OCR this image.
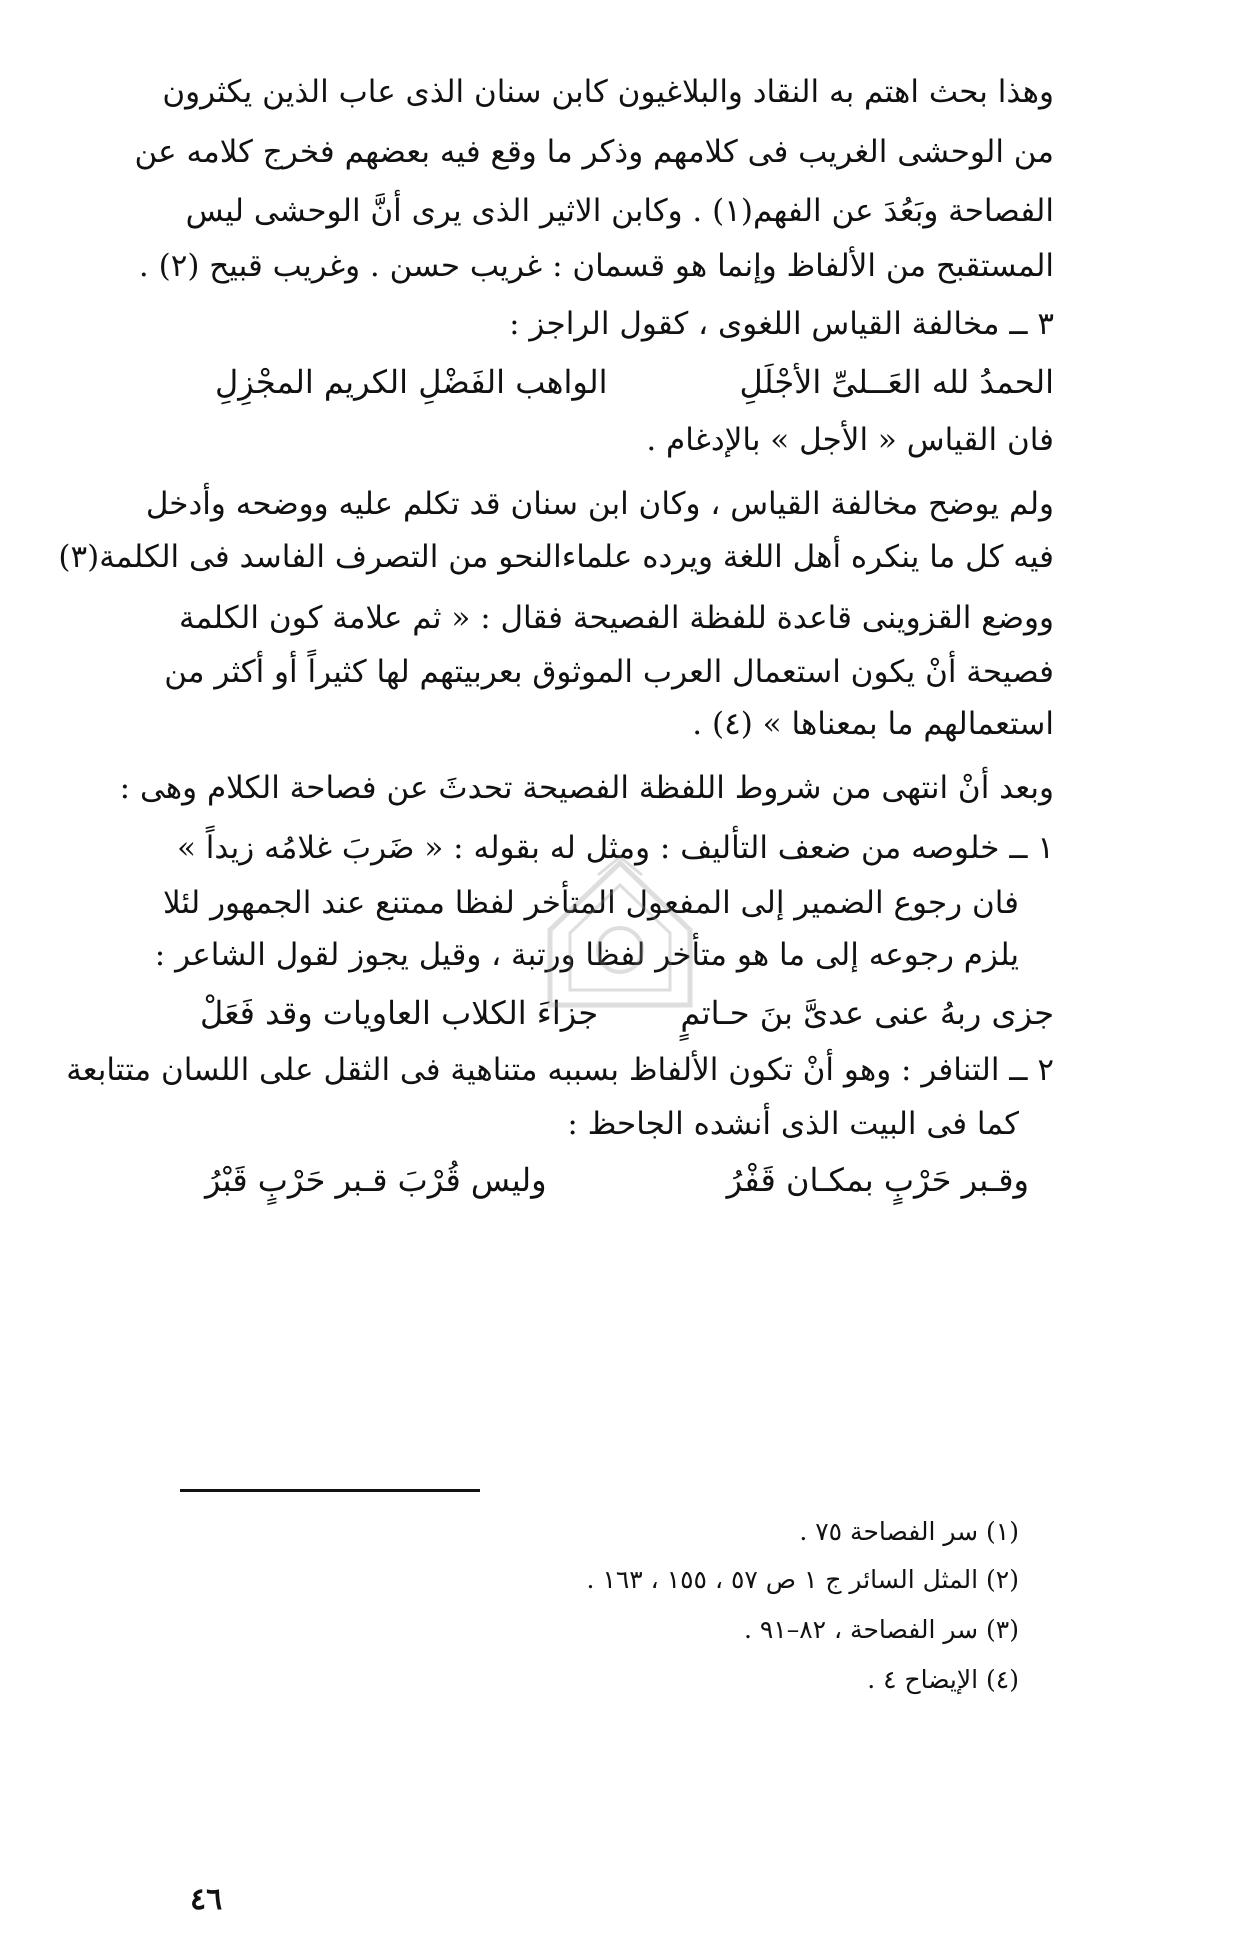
وهذا بحث اهتم به النقاد والبلاغيون كابن سنان الذى عاب الذين يكثرون
من الوحشى الغريب فى كلامهم وذكر ما وقع فيه بعضهم فخرج كلامه عن
الفصاحة وبَعُدَ عن الفهم(١) . وكابن الاثير الذى يرى أنَّ الوحشى ليس
المستقبح من الألفاظ وإنما هو قسمان : غريب حسن . وغريب قبيح (٢) .
٣ ــ مخالفة القياس اللغوى ، كقول الراجز :
الحمدُ لله العَــلىِّ الأجْلَلِ
الواهب الفَضْلِ الكريم المجْزِلِ
فان القياس « الأجل » بالإدغام .
ولم يوضح مخالفة القياس ، وكان ابن سنان قد تكلم عليه ووضحه وأدخل
فيه كل ما ينكره أهل اللغة ويرده علماءالنحو من التصرف الفاسد فى الكلمة(٣)
ووضع القزوينى قاعدة للفظة الفصيحة فقال : « ثم علامة كون الكلمة
فصيحة أنْ يكون استعمال العرب الموثوق بعربيتهم لها كثيراً أو أكثر من
استعمالهم ما بمعناها » (٤) .
وبعد أنْ انتهى من شروط اللفظة الفصيحة تحدثَ عن فصاحة الكلام وهى :
١ ــ خلوصه من ضعف التأليف : ومثل له بقوله : « ضَربَ غلامُه زيداً »
فان رجوع الضمير إلى المفعول المتأخر لفظا ممتنع عند الجمهور لئلا
يلزم رجوعه إلى ما هو متأخر لفظا ورتبة ، وقيل يجوز لقول الشاعر :
جزى ربهُ عنى عدىَّ بنَ حـاتمٍ
جزاءَ الكلاب العاويات وقد فَعَلْ
٢ ــ التنافر : وهو أنْ تكون الألفاظ بسببه متناهية فى الثقل على اللسان متتابعة
كما فى البيت الذى أنشده الجاحظ :
وقـبر حَرْبٍ بمكـان قَفْرُ
وليس قُرْبَ قـبر حَرْبٍ قَبْرُ
(١) سر الفصاحة ٧٥ .
(٢) المثل السائر ج ١ ص ٥٧ ، ١٥٥ ، ١٦٣ .
(٣) سر الفصاحة ، ٨٢–٩١ .
(٤) الإيضاح ٤ .
٤٦
